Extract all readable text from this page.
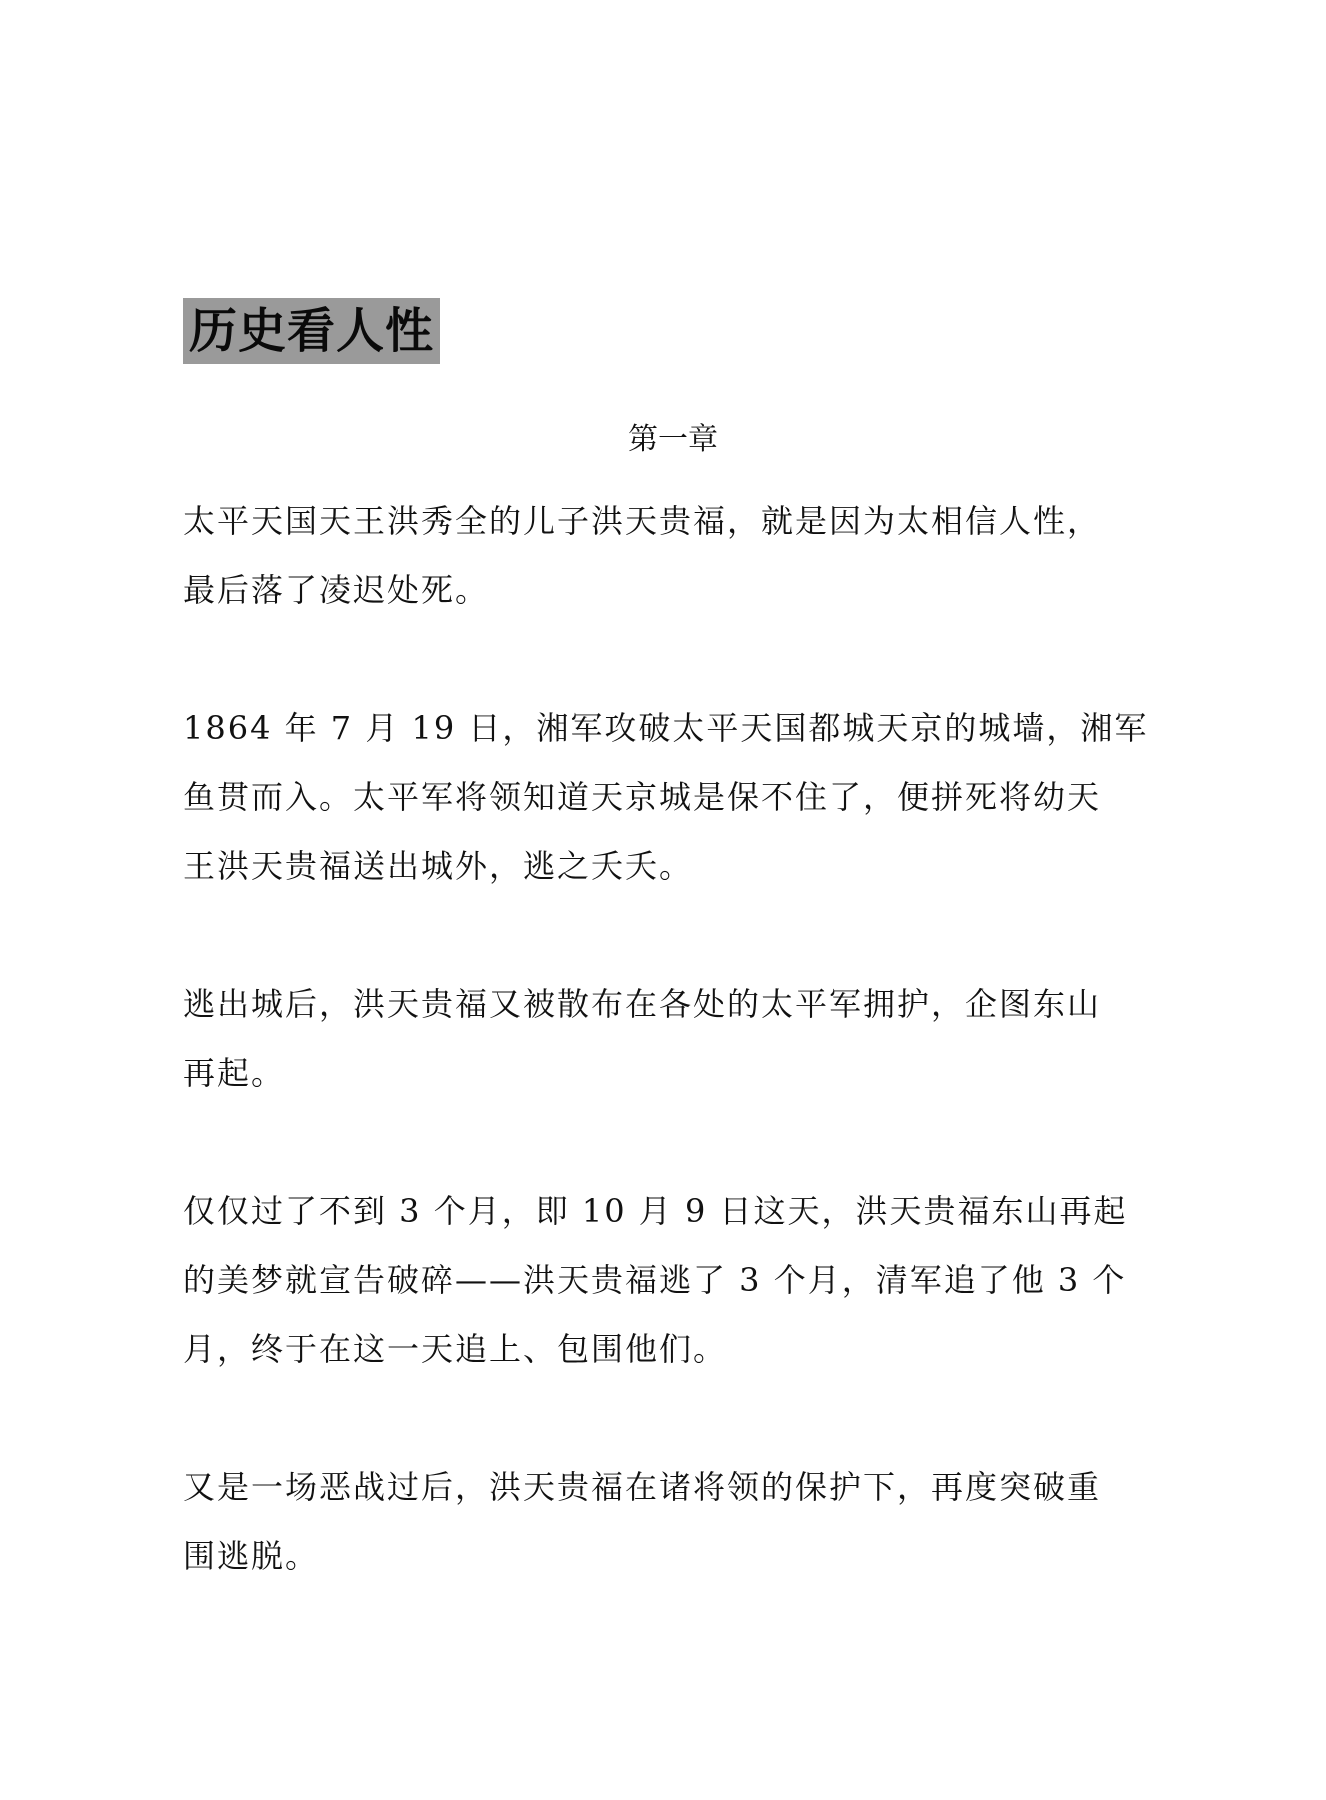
历史看人性
第一章

太平天国天王洪秀全的儿子洪天贵福，就是因为太相信人性，
最后落了凌迟处死。

1864 年 7 月 19 日，湘军攻破太平天国都城天京的城墙，湘军
鱼贯而入。太平军将领知道天京城是保不住了，便拼死将幼天
王洪天贵福送出城外，逃之夭夭。

逃出城后，洪天贵福又被散布在各处的太平军拥护，企图东山
再起。

仅仅过了不到 3 个月，即 10 月 9 日这天，洪天贵福东山再起
的美梦就宣告破碎——洪天贵福逃了 3 个月，清军追了他 3 个
月，终于在这一天追上、包围他们。

又是一场恶战过后，洪天贵福在诸将领的保护下，再度突破重
围逃脱。
